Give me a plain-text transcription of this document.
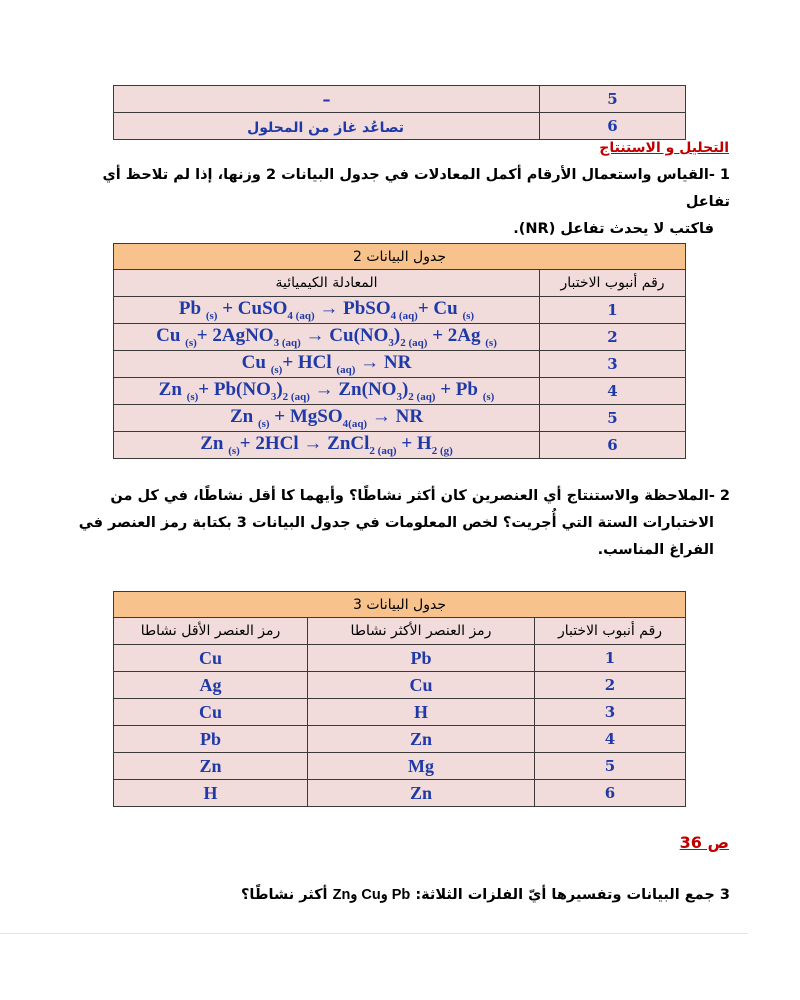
–	5
تصاعُد غاز من المحلول	6
التحليل و الاستنتاج
1 -القياس واستعمال الأرقام أكمل المعادلات في جدول البيانات 2 وزنها، إذا لم تلاحظ أي تفاعل
فاكتب لا يحدث تفاعل (NR).
جدول البيانات 2	
المعادلة الكيميائية	رقم أنبوب الاختبار
Pb $_{(s)}$ + CuSO$_{4 (aq)}$ → PbSO$_{4 (aq)}$+ Cu $_{(s)}$	1
Cu $_{(s)}$+ 2AgNO$_{3 (aq)}$ → $Cu(NO_3)_{2 (aq)} + 2Ag$ $_{(s)}$	2
Cu $_{(s)}$+ HCl $_{(aq)}$ → NR	3
Zn $_{(s)}+ Pb(NO_3)_{2 (aq)} \to Zn(NO_3)_{2 (aq)} + Pb$ $_{(s)}$	4
Zn $_{(s)}$ + MgSO$_{4(aq)}$ → NR	5
Zn $_{(s)}$+ 2HCl → ZnCl$_{2 (aq)}$ + $H_{2 (g)}$	6
2 -الملاحظة والاستنتاج أي العنصرين كان أكثر نشاطًا؟ وأيهما كا أقل نشاطًا، في كل من
الاختبارات الستة التي أُجريت؟ لخص المعلومات في جدول البيانات 3 بكتابة رمز العنصر في
الفراغ المناسب.
جدول البيانات 3		
رمز العنصر الأقل نشاطا	رمز العنصر الأكثر نشاطا	رقم أنبوب الاختبار
Cu	Pb	1
Ag	Cu	2
Cu	H	3
Pb	Zn	4
Zn	Mg	5
H	Zn	6
ص 36
3 جمع البيانات وتفسيرها أيّ الفلزات الثلاثة: Pb وCu وZn أكثر نشاطًا؟
